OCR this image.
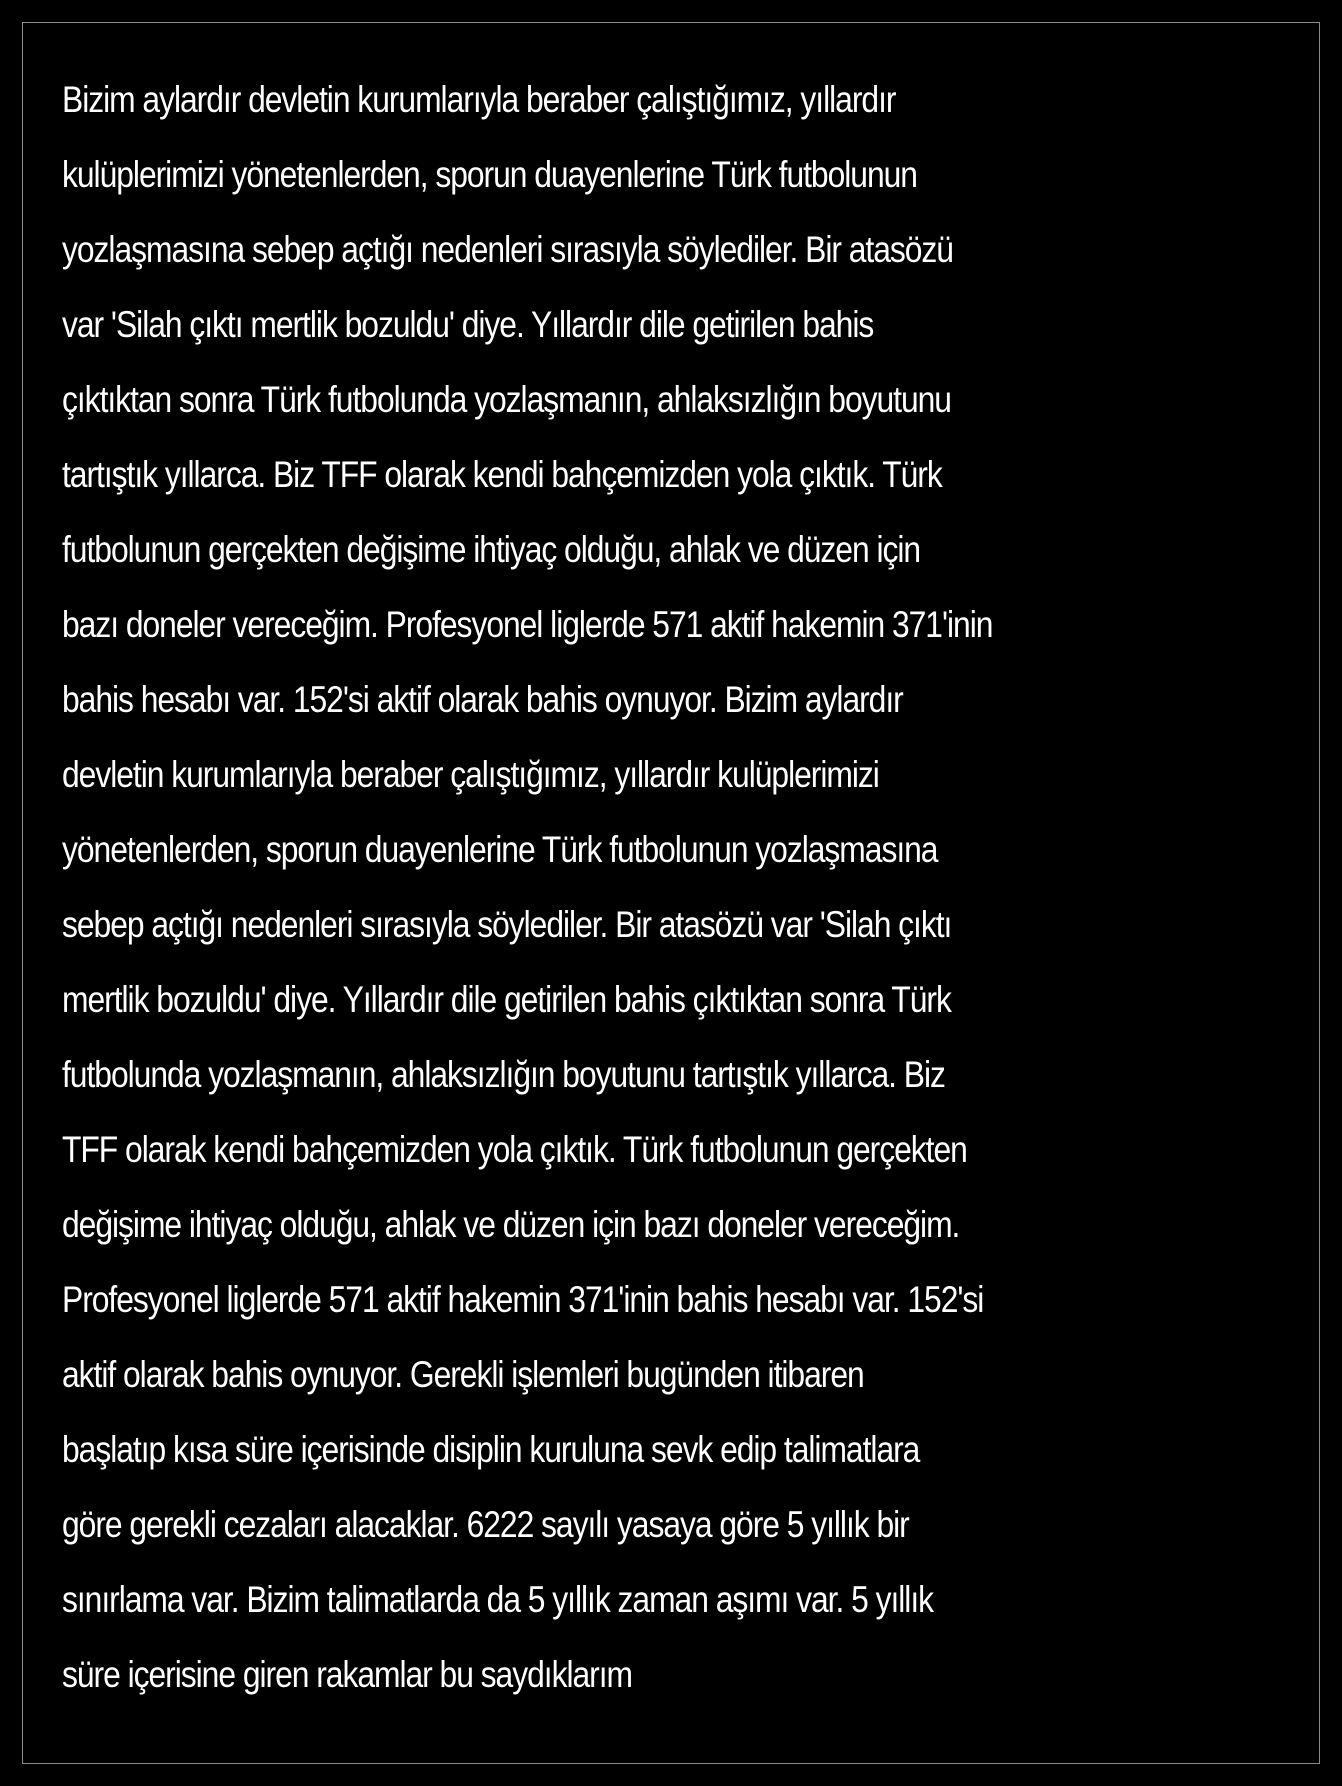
Bizim aylardır devletin kurumlarıyla beraber çalıştığımız, yıllardır
kulüplerimizi yönetenlerden, sporun duayenlerine Türk futbolunun
yozlaşmasına sebep açtığı nedenleri sırasıyla söylediler. Bir atasözü
var 'Silah çıktı mertlik bozuldu' diye. Yıllardır dile getirilen bahis
çıktıktan sonra Türk futbolunda yozlaşmanın, ahlaksızlığın boyutunu
tartıştık yıllarca. Biz TFF olarak kendi bahçemizden yola çıktık. Türk
futbolunun gerçekten değişime ihtiyaç olduğu, ahlak ve düzen için
bazı doneler vereceğim. Profesyonel liglerde 571 aktif hakemin 371'inin
bahis hesabı var. 152'si aktif olarak bahis oynuyor. Bizim aylardır
devletin kurumlarıyla beraber çalıştığımız, yıllardır kulüplerimizi
yönetenlerden, sporun duayenlerine Türk futbolunun yozlaşmasına
sebep açtığı nedenleri sırasıyla söylediler. Bir atasözü var 'Silah çıktı
mertlik bozuldu' diye. Yıllardır dile getirilen bahis çıktıktan sonra Türk
futbolunda yozlaşmanın, ahlaksızlığın boyutunu tartıştık yıllarca. Biz
TFF olarak kendi bahçemizden yola çıktık. Türk futbolunun gerçekten
değişime ihtiyaç olduğu, ahlak ve düzen için bazı doneler vereceğim.
Profesyonel liglerde 571 aktif hakemin 371'inin bahis hesabı var. 152'si
aktif olarak bahis oynuyor. Gerekli işlemleri bugünden itibaren
başlatıp kısa süre içerisinde disiplin kuruluna sevk edip talimatlara
göre gerekli cezaları alacaklar. 6222 sayılı yasaya göre 5 yıllık bir
sınırlama var. Bizim talimatlarda da 5 yıllık zaman aşımı var. 5 yıllık
süre içerisine giren rakamlar bu saydıklarım
